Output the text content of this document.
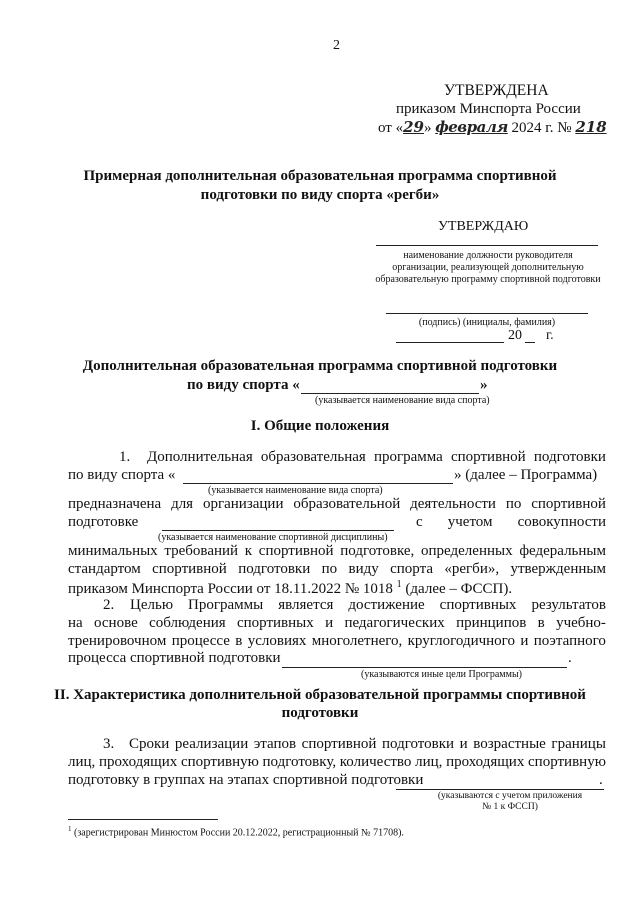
2
УТВЕРЖДЕНА
приказом Минспорта России
от «29» февраля 2024 г. № 218
Примерная дополнительная образовательная программа спортивной
подготовки по виду спорта «регби»
УТВЕРЖДАЮ
наименование должности руководителя
организации, реализующей дополнительную
образовательную программу спортивной подготовки
(подпись) (инициалы, фамилия)
20 г.
Дополнительная образовательная программа спортивной подготовки
по виду спорта «	»
(указывается наименование вида спорта)
I. Общие положения
1. Дополнительная образовательная программа спортивной подготовки
по виду спорта «	» (далее – Программа)
(указывается наименование вида спорта)
предназначена для организации образовательной деятельности по спортивной
подготовке	с учетом совокупности
(указывается наименование спортивной дисциплины)
минимальных требований к спортивной подготовке, определенных федеральным
стандартом спортивной подготовки по виду спорта «регби», утвержденным
приказом Минспорта России от 18.11.2022 № 1018 $^1$ (далее – ФССП).
2. Целью Программы является достижение спортивных результатов
на основе соблюдения спортивных и педагогических принципов в учебно-
тренировочном процессе в условиях многолетнего, круглогодичного и поэтапного
процесса спортивной подготовки	.
(указываются иные цели Программы)
II. Характеристика дополнительной образовательной программы спортивной
подготовки
3. Сроки реализации этапов спортивной подготовки и возрастные границы
лиц, проходящих спортивную подготовку, количество лиц, проходящих спортивную
подготовку в группах на этапах спортивной подготовки	.
(указываются с учетом приложения
№ 1 к ФССП)
$^1$ (зарегистрирован Минюстом России 20.12.2022, регистрационный № 71708).
